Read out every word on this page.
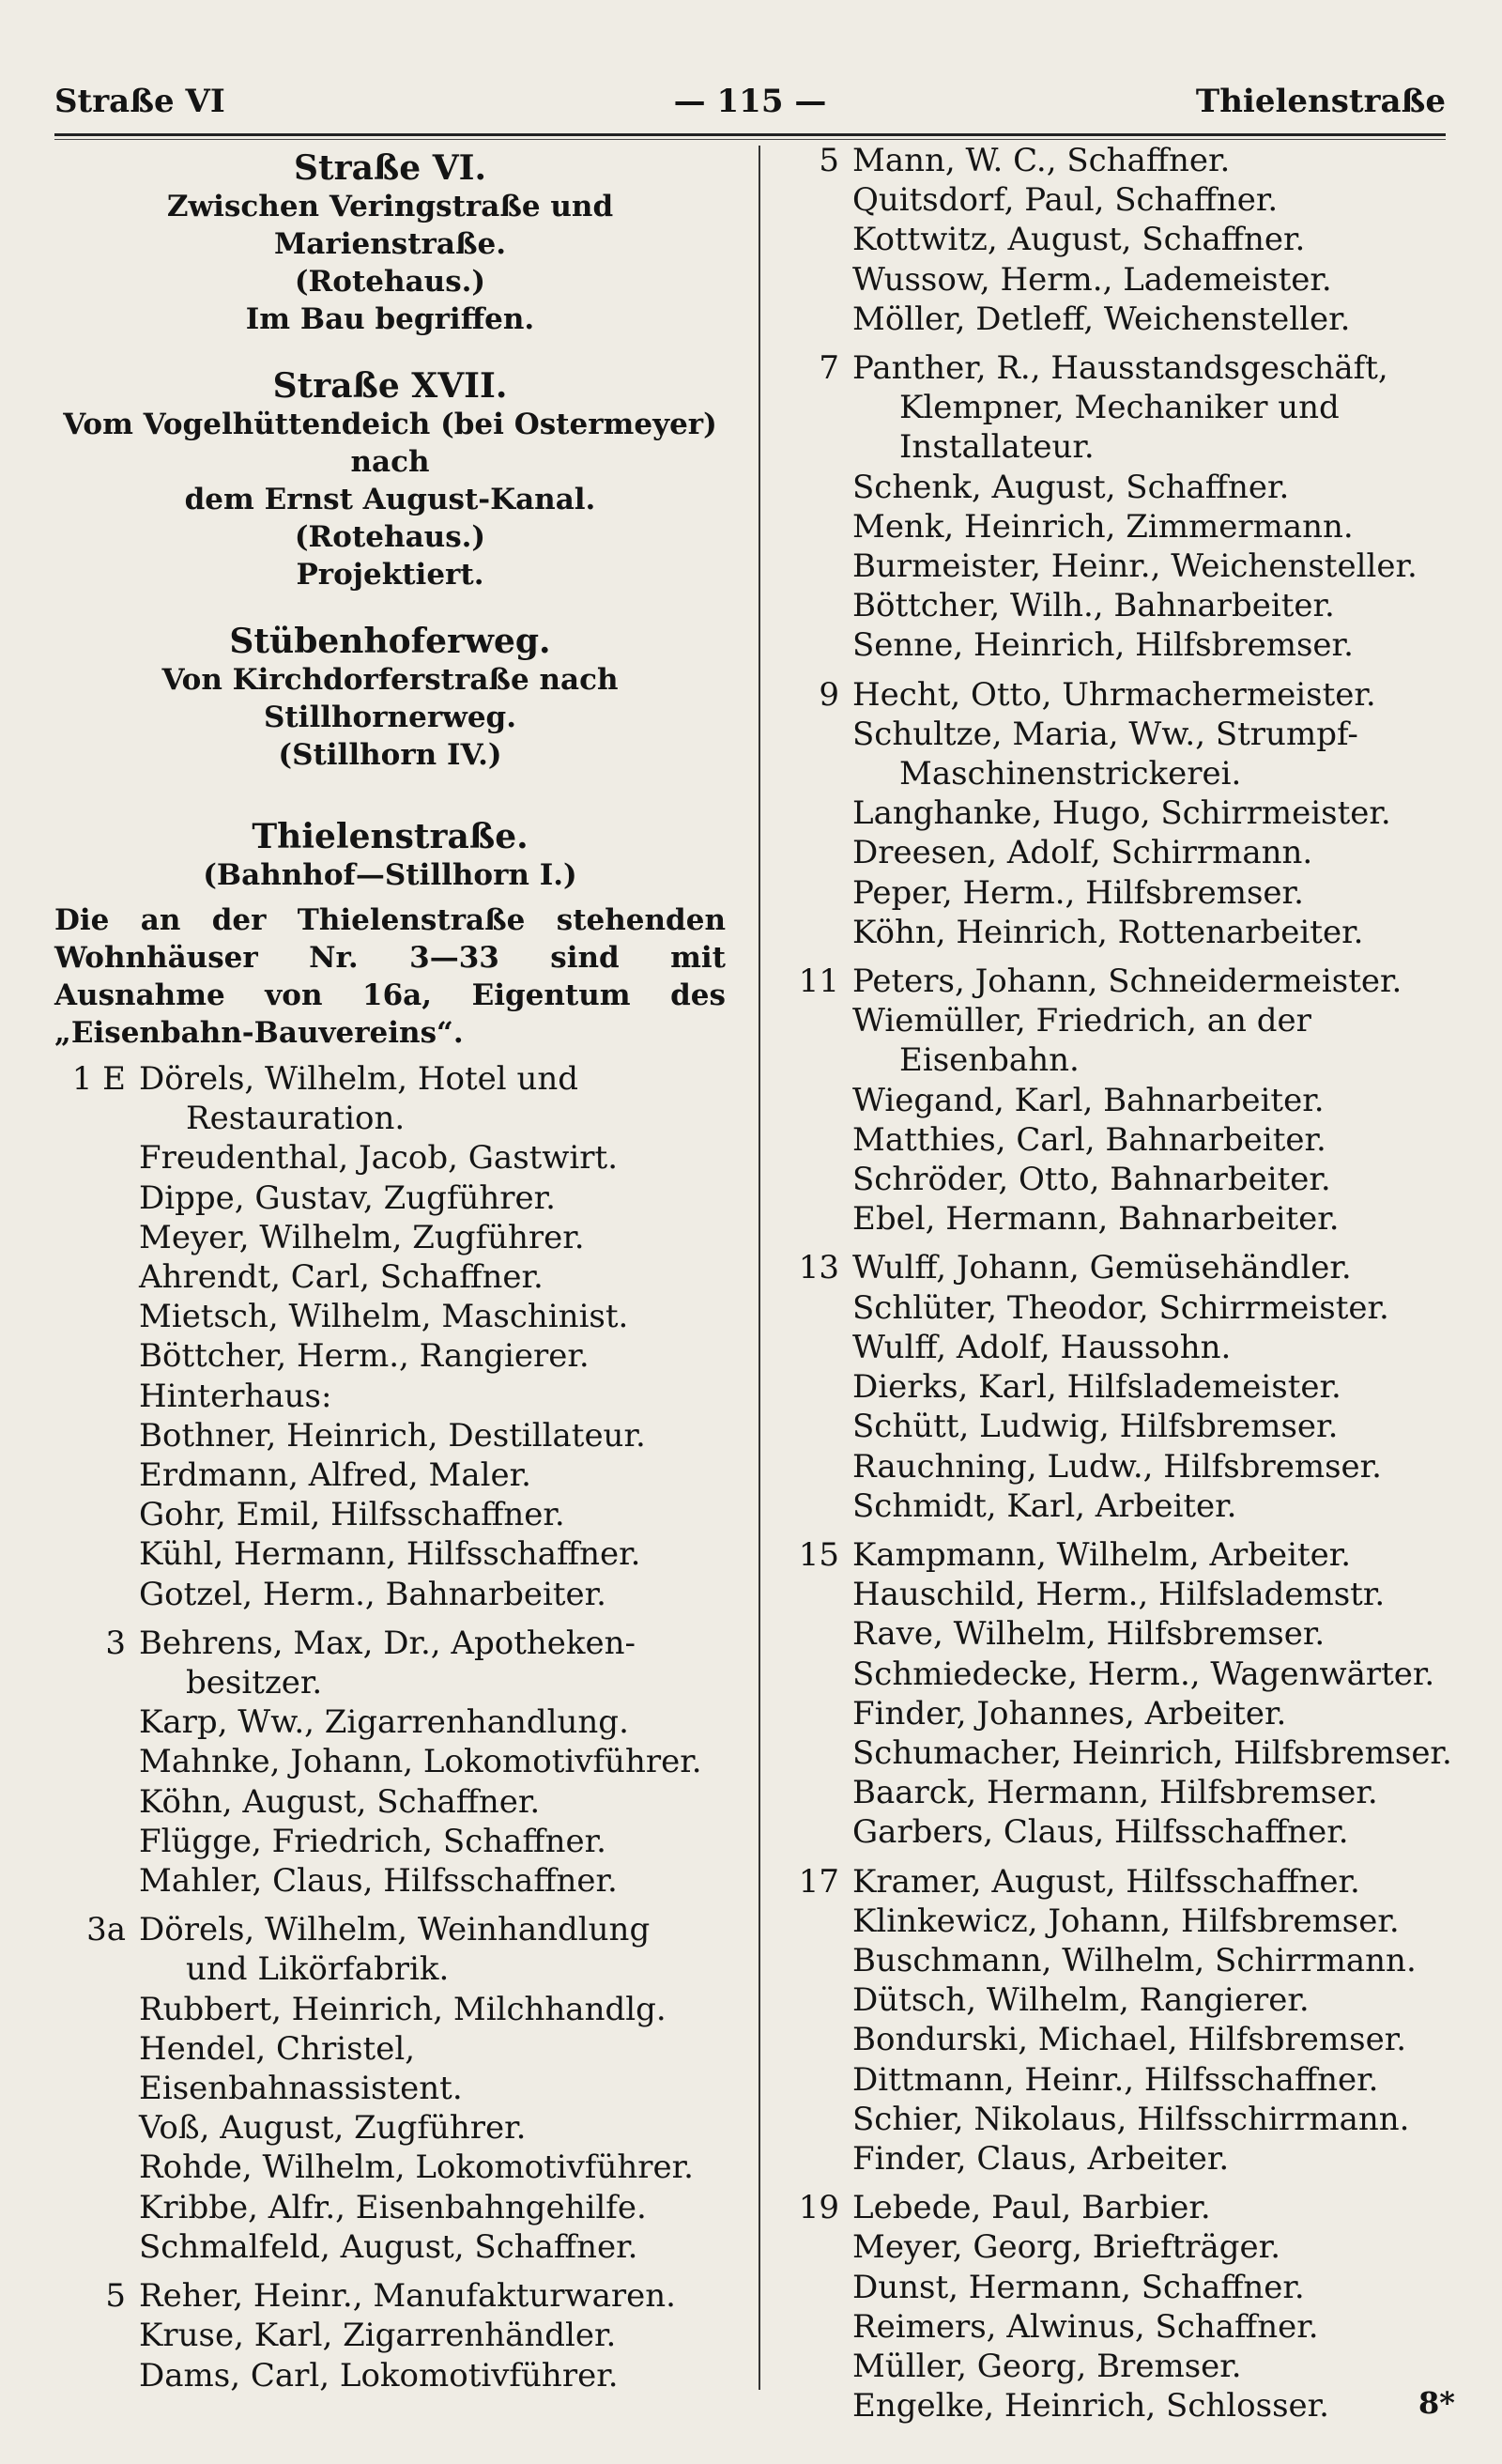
Straße VI	— 115 —	Thielenstraße
Straße VI.
Zwischen Veringstraße und Marienstraße.
(Rotehaus.)
Im Bau begriffen.
Straße XVII.
Vom Vogelhüttendeich (bei Ostermeyer) nach
dem Ernst August-Kanal.
(Rotehaus.)
Projektiert.
Stübenhoferweg.
Von Kirchdorferstraße nach Stillhornerweg.
(Stillhorn IV.)
Thielenstraße.
(Bahnhof—Stillhorn I.)
Die an der Thielenstraße stehenden Wohnhäuser Nr. 3—33 sind mit Ausnahme von 16a, Eigentum des „Eisenbahn-Bauvereins“.
1 E Dörels, Wilhelm, Hotel und
Restauration.
Freudenthal, Jacob, Gastwirt.
Dippe, Gustav, Zugführer.
Meyer, Wilhelm, Zugführer.
Ahrendt, Carl, Schaffner.
Mietsch, Wilhelm, Maschinist.
Böttcher, Herm., Rangierer.
Hinterhaus:
Bothner, Heinrich, Destillateur.
Erdmann, Alfred, Maler.
Gohr, Emil, Hilfsschaffner.
Kühl, Hermann, Hilfsschaffner.
Gotzel, Herm., Bahnarbeiter.
3 Behrens, Max, Dr., Apotheken-
besitzer.
Karp, Ww., Zigarrenhandlung.
Mahnke, Johann, Lokomotivführer.
Köhn, August, Schaffner.
Flügge, Friedrich, Schaffner.
Mahler, Claus, Hilfsschaffner.
3a Dörels, Wilhelm, Weinhandlung
und Likörfabrik.
Rubbert, Heinrich, Milchhandlg.
Hendel, Christel, Eisenbahnassistent.
Voß, August, Zugführer.
Rohde, Wilhelm, Lokomotivführer.
Kribbe, Alfr., Eisenbahngehilfe.
Schmalfeld, August, Schaffner.
5 Reher, Heinr., Manufakturwaren.
Kruse, Karl, Zigarrenhändler.
Dams, Carl, Lokomotivführer.
5 Mann, W. C., Schaffner.
Quitsdorf, Paul, Schaffner.
Kottwitz, August, Schaffner.
Wussow, Herm., Lademeister.
Möller, Detleff, Weichensteller.
7 Panther, R., Hausstandsgeschäft,
Klempner, Mechaniker und
Installateur.
Schenk, August, Schaffner.
Menk, Heinrich, Zimmermann.
Burmeister, Heinr., Weichensteller.
Böttcher, Wilh., Bahnarbeiter.
Senne, Heinrich, Hilfsbremser.
9 Hecht, Otto, Uhrmachermeister.
Schultze, Maria, Ww., Strumpf-
Maschinenstrickerei.
Langhanke, Hugo, Schirrmeister.
Dreesen, Adolf, Schirrmann.
Peper, Herm., Hilfsbremser.
Köhn, Heinrich, Rottenarbeiter.
11 Peters, Johann, Schneidermeister.
Wiemüller, Friedrich, an der
Eisenbahn.
Wiegand, Karl, Bahnarbeiter.
Matthies, Carl, Bahnarbeiter.
Schröder, Otto, Bahnarbeiter.
Ebel, Hermann, Bahnarbeiter.
13 Wulff, Johann, Gemüsehändler.
Schlüter, Theodor, Schirrmeister.
Wulff, Adolf, Haussohn.
Dierks, Karl, Hilfslademeister.
Schütt, Ludwig, Hilfsbremser.
Rauchning, Ludw., Hilfsbremser.
Schmidt, Karl, Arbeiter.
15 Kampmann, Wilhelm, Arbeiter.
Hauschild, Herm., Hilfslademstr.
Rave, Wilhelm, Hilfsbremser.
Schmiedecke, Herm., Wagenwärter.
Finder, Johannes, Arbeiter.
Schumacher, Heinrich, Hilfsbremser.
Baarck, Hermann, Hilfsbremser.
Garbers, Claus, Hilfsschaffner.
17 Kramer, August, Hilfsschaffner.
Klinkewicz, Johann, Hilfsbremser.
Buschmann, Wilhelm, Schirrmann.
Dütsch, Wilhelm, Rangierer.
Bondurski, Michael, Hilfsbremser.
Dittmann, Heinr., Hilfsschaffner.
Schier, Nikolaus, Hilfsschirrmann.
Finder, Claus, Arbeiter.
19 Lebede, Paul, Barbier.
Meyer, Georg, Briefträger.
Dunst, Hermann, Schaffner.
Reimers, Alwinus, Schaffner.
Müller, Georg, Bremser.
Engelke, Heinrich, Schlosser.	8*
